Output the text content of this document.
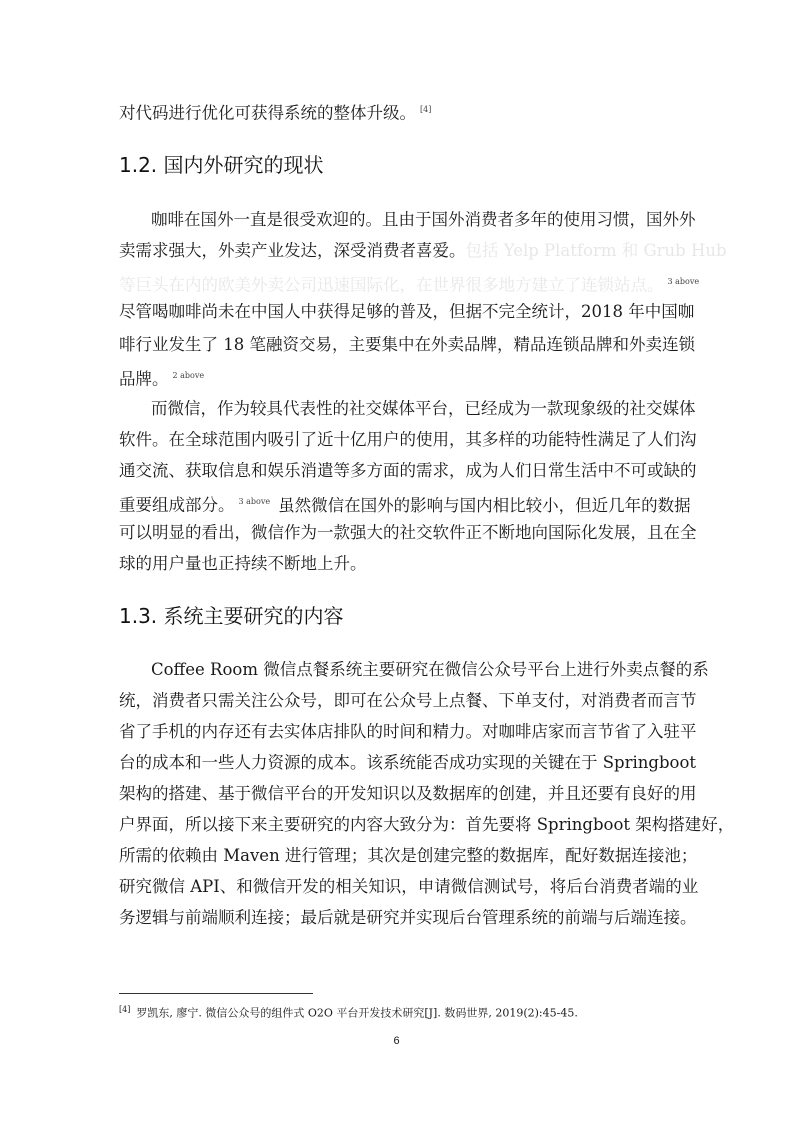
对代码进行优化可获得系统的整体升级。 [4]
1.2. 国内外研究的现状
咖啡在国外一直是很受欢迎的。且由于国外消费者多年的使用习惯，国外外
卖需求强大，外卖产业发达，深受消费者喜爱。包括 Yelp Platform 和 Grub Hub
等巨头在内的欧美外卖公司迅速国际化，在世界很多地方建立了连锁站点。 $^{3 above}$
尽管喝咖啡尚未在中国人中获得足够的普及，但据不完全统计，2018 年中国咖
啡行业发生了 18 笔融资交易，主要集中在外卖品牌，精品连锁品牌和外卖连锁
品牌。 $^{2 above}$
而微信，作为较具代表性的社交媒体平台，已经成为一款现象级的社交媒体
软件。在全球范围内吸引了近十亿用户的使用，其多样的功能特性满足了人们沟
通交流、获取信息和娱乐消遣等多方面的需求，成为人们日常生活中不可或缺的
重要组成部分。 $^{3 above}$ 虽然微信在国外的影响与国内相比较小，但近几年的数据
可以明显的看出，微信作为一款强大的社交软件正不断地向国际化发展，且在全
球的用户量也正持续不断地上升。
1.3. 系统主要研究的内容
Coffee Room 微信点餐系统主要研究在微信公众号平台上进行外卖点餐的系
统，消费者只需关注公众号，即可在公众号上点餐、下单支付，对消费者而言节
省了手机的内存还有去实体店排队的时间和精力。对咖啡店家而言节省了入驻平
台的成本和一些人力资源的成本。该系统能否成功实现的关键在于 Springboot
架构的搭建、基于微信平台的开发知识以及数据库的创建，并且还要有良好的用
户界面，所以接下来主要研究的内容大致分为：首先要将 Springboot 架构搭建好，
所需的依赖由 Maven 进行管理；其次是创建完整的数据库，配好数据连接池；
研究微信 API、和微信开发的相关知识，申请微信测试号，将后台消费者端的业
务逻辑与前端顺利连接；最后就是研究并实现后台管理系统的前端与后端连接。
[4] 罗凯东, 廖宁. 微信公众号的组件式 O2O 平台开发技术研究[J]. 数码世界, 2019(2):45-45.
6
